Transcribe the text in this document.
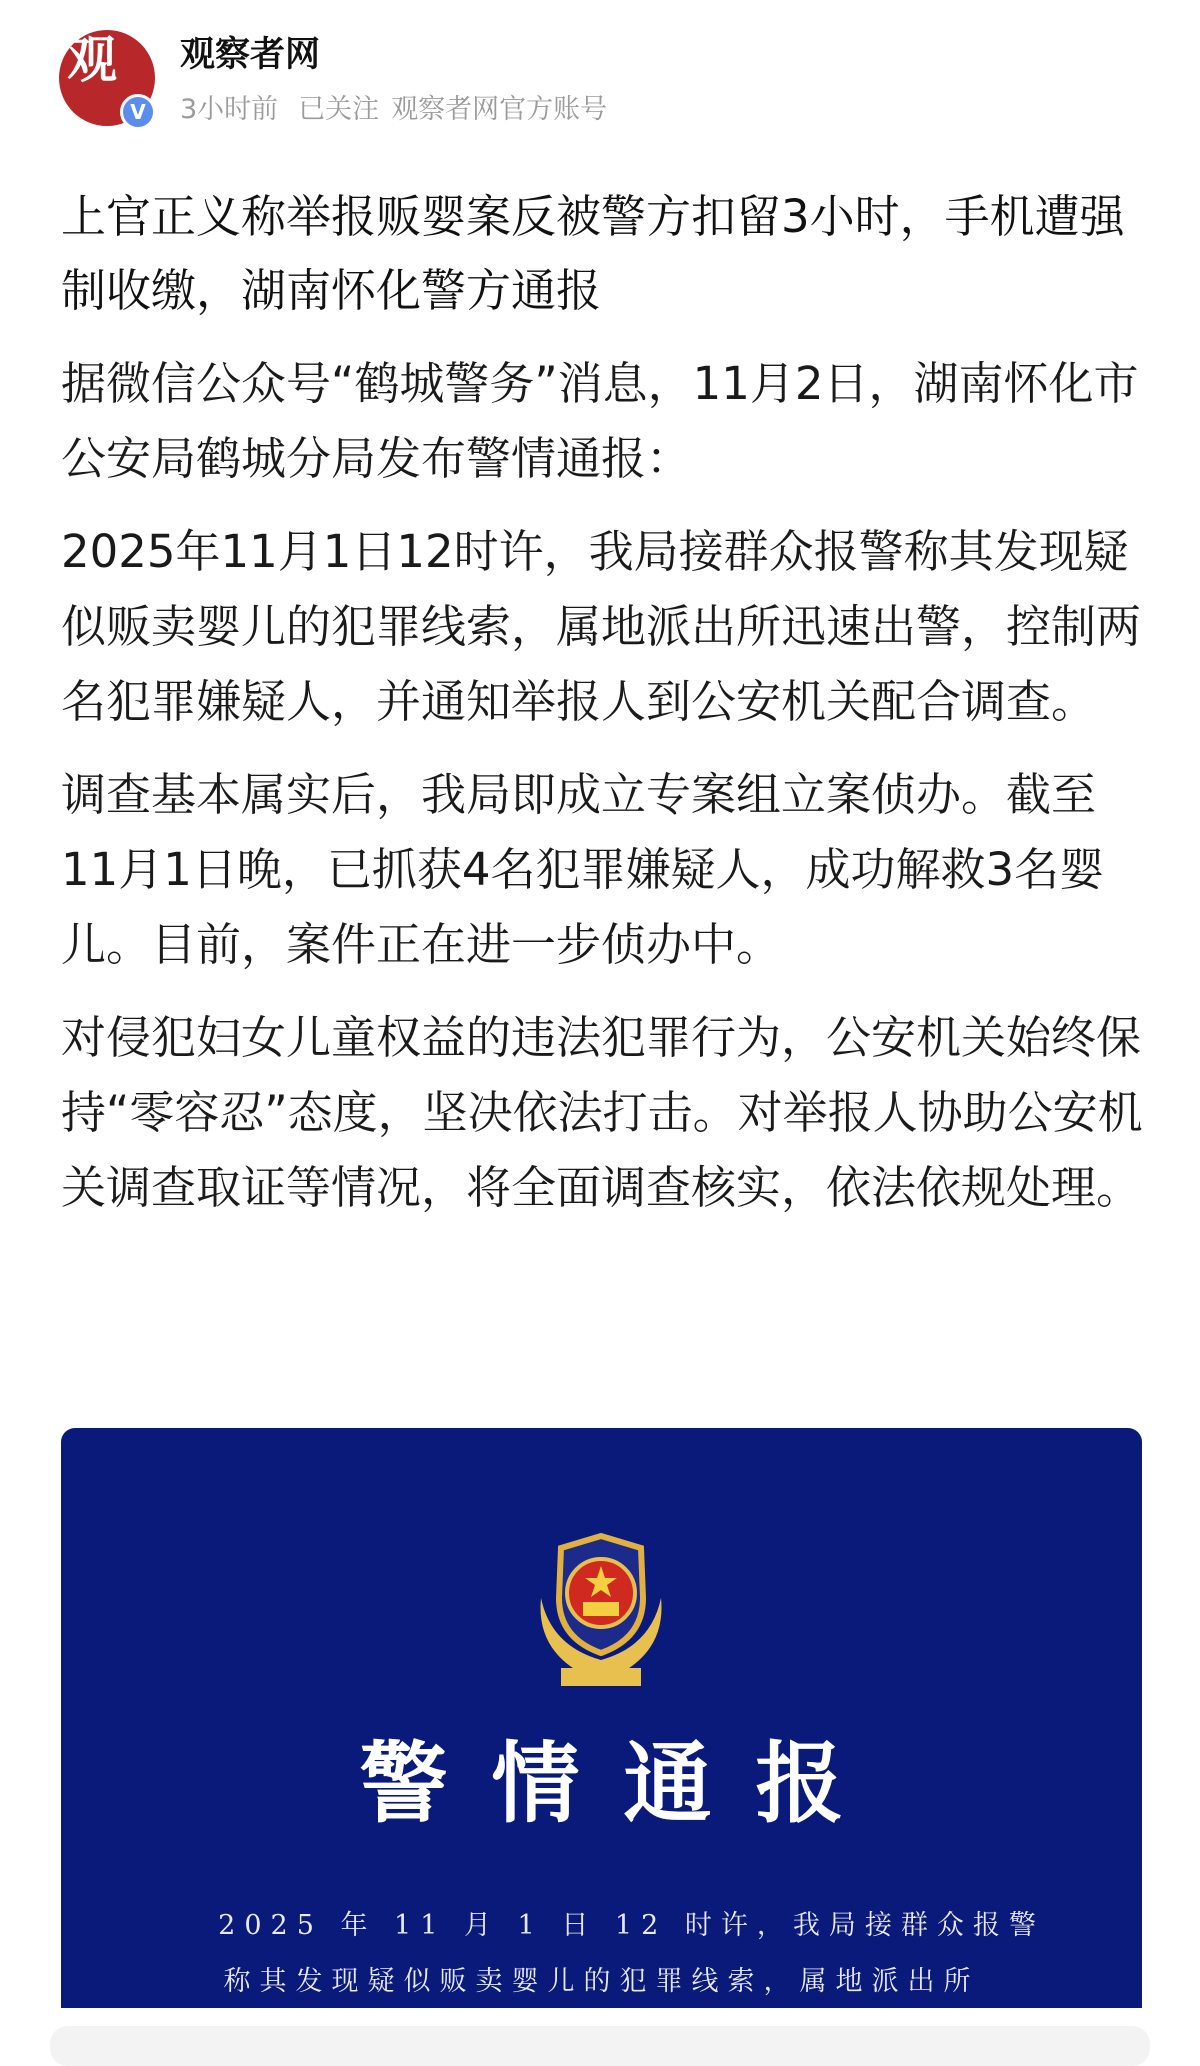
观
V
观察者网
3小时前 已关注 观察者网官方账号
上官正义称举报贩婴案反被警方扣留3小时，手机遭强制收缴，湖南怀化警方通报

据微信公众号“鹤城警务”消息，11月2日，湖南怀化市公安局鹤城分局发布警情通报：

2025年11月1日12时许，我局接群众报警称其发现疑似贩卖婴儿的犯罪线索，属地派出所迅速出警，控制两名犯罪嫌疑人，并通知举报人到公安机关配合调查。

调查基本属实后，我局即成立专案组立案侦办。截至11月1日晚，已抓获4名犯罪嫌疑人，成功解救3名婴儿。目前，案件正在进一步侦办中。

对侵犯妇女儿童权益的违法犯罪行为，公安机关始终保持“零容忍”态度，坚决依法打击。对举报人协助公安机关调查取证等情况，将全面调查核实，依法依规处理。

警情通报
2025 年 11 月 1 日 12 时许，我局接群众报警
称其发现疑似贩卖婴儿的犯罪线索，属地派出所
